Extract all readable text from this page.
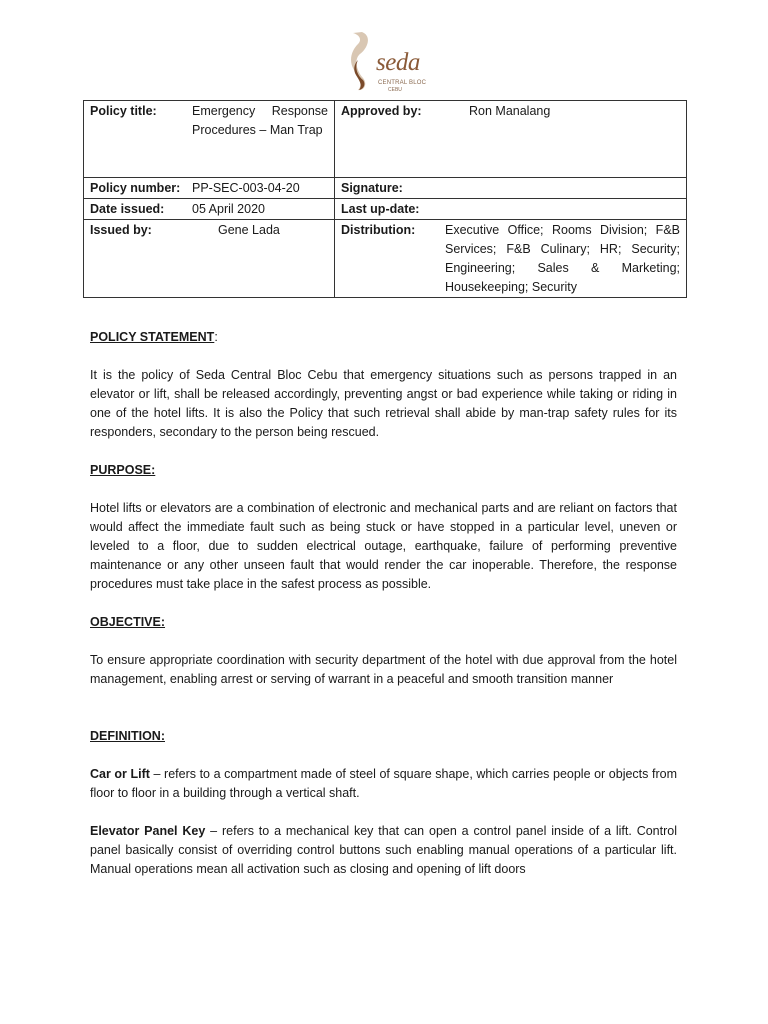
seda
CENTRAL BLOC
CEBU
Policy title: Emergency Response Procedures – Man Trap	Approved by: Ron Manalang

Policy number: PP-SEC-003-04-20	Signature:

Date issued: 05 April 2020	Last up-date:

Issued by: Gene Lada	Distribution: Executive Office; Rooms Division; F&B Services; F&B Culinary; HR; Security; Engineering; Sales & Marketing; Housekeeping; Security

POLICY STATEMENT:

It is the policy of Seda Central Bloc Cebu that emergency situations such as persons trapped in an elevator or lift, shall be released accordingly, preventing angst or bad experience while taking or riding in one of the hotel lifts. It is also the Policy that such retrieval shall abide by man-trap safety rules for its responders, secondary to the person being rescued.

PURPOSE:

Hotel lifts or elevators are a combination of electronic and mechanical parts and are reliant on factors that would affect the immediate fault such as being stuck or have stopped in a particular level, uneven or leveled to a floor, due to sudden electrical outage, earthquake, failure of performing preventive maintenance or any other unseen fault that would render the car inoperable. Therefore, the response procedures must take place in the safest process as possible.

OBJECTIVE:

To ensure appropriate coordination with security department of the hotel with due approval from the hotel management, enabling arrest or serving of warrant in a peaceful and smooth transition manner

DEFINITION:

Car or Lift – refers to a compartment made of steel of square shape, which carries people or objects from floor to floor in a building through a vertical shaft.

Elevator Panel Key – refers to a mechanical key that can open a control panel inside of a lift. Control panel basically consist of overriding control buttons such enabling manual operations of a particular lift. Manual operations mean all activation such as closing and opening of lift doors
